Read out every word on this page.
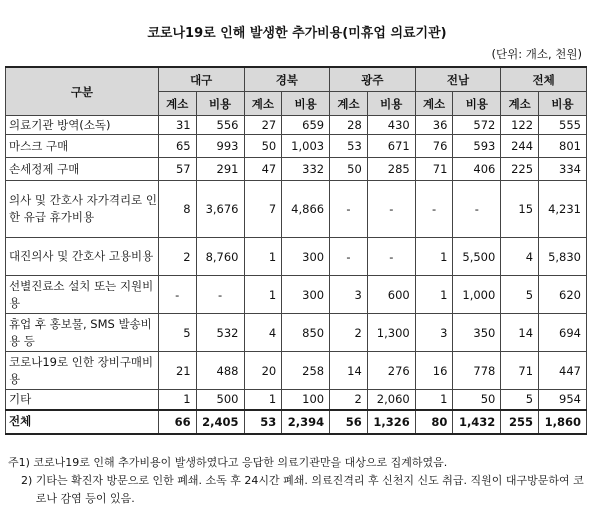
코로나19로 인해 발생한 추가비용(미휴업 의료기관)
(단위: 개소, 천원)
구분	대구		경북		광주		전남		전체	
	계소	비용	계소	비용	계소	비용	계소	비용	계소	비용
의료기관 방역(소독)	31	556	27	659	28	430	36	572	122	555
마스크 구매	65	993	50	1,003	53	671	76	593	244	801
손세정제 구매	57	291	47	332	50	285	71	406	225	334
의사 및 간호사 자가격리로 인한 유급 휴가비용	8	3,676	7	4,866	-	-	-	-	15	4,231
대진의사 및 간호사 고용비용	2	8,760	1	300	-	-	1	5,500	4	5,830
선별진료소 설치 또는 지원비용	-	-	1	300	3	600	1	1,000	5	620
휴업 후 홍보물, SMS 발송비용 등	5	532	4	850	2	1,300	3	350	14	694
코로나19로 인한 장비구매비용	21	488	20	258	14	276	16	778	71	447
기타	1	500	1	100	2	2,060	1	50	5	954
전체	66	2,405	53	2,394	56	1,326	80	1,432	255	1,860
주1)
코로나19로 인해 추가비용이 발생하였다고 응답한 의료기관만을 대상으로 집계하였음.
2)
기타는 확진자 방문으로 인한 폐쇄. 소독 후 24시간 폐쇄. 의료진격리 후 신천지 신도 취급. 직원이 대구방문하여 코로나 감염 등이 있음.
